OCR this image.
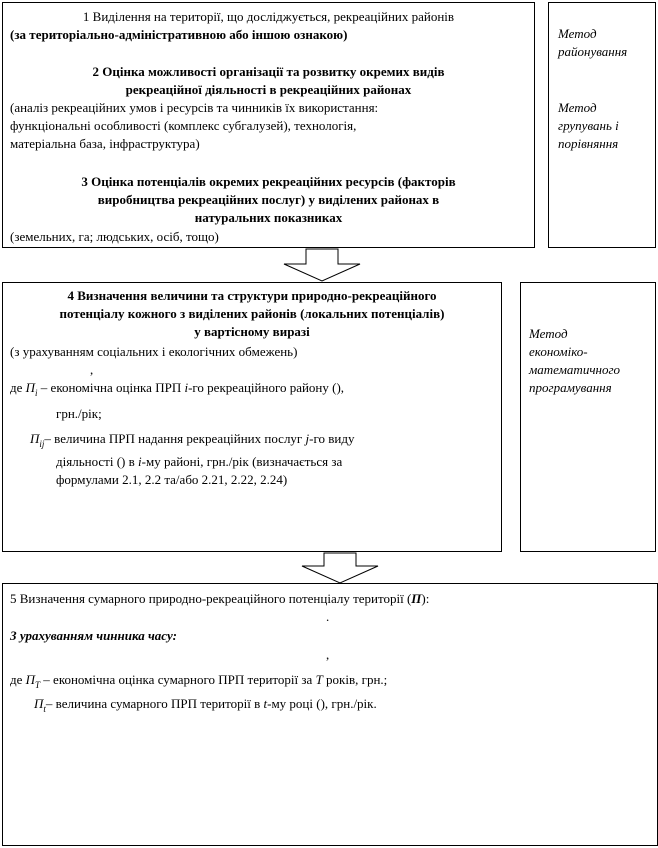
1 Виділення на території, що досліджується, рекреаційних районів
(за територіально-адміністративною або іншою ознакою)
2 Оцінка можливості організації та розвитку окремих видів
рекреаційної діяльності в рекреаційних районах
(аналіз рекреаційних умов і ресурсів та чинників їх використання:
функціональні особливості (комплекс субгалузей), технологія,
матеріальна база, інфраструктура)
3 Оцінка потенціалів окремих рекреаційних ресурсів (факторів
виробництва рекреаційних послуг) у виділених районах в
натуральних показниках
(земельних, га; людських, осіб, тощо)
Метод
районування
Метод
групувань і
порівняння
4 Визначення величини та структури природно-рекреаційного
потенціалу кожного з виділених районів (локальних потенціалів)
у вартісному виразі
(з урахуванням соціальних і екологічних обмежень)
,
де $П_і$ – економічна оцінка ПРП і-го рекреаційного району (),
грн./рік;
$П_{ij}-$ величина ПРП надання рекреаційних послуг j-го виду
діяльності () в і-му районі, грн./рік (визначається за
формулами 2.1, 2.2 та/або 2.21, 2.22, 2.24)
Метод
економіко-
математичного
програмування
5 Визначення сумарного природно-рекреаційного потенціалу території (П):
.
З урахуванням чинника часу:
,
де $П_T$ – економічна оцінка сумарного ПРП території за T років, грн.;
$П_t-$ величина сумарного ПРП території в t-му році (), грн./рік.
